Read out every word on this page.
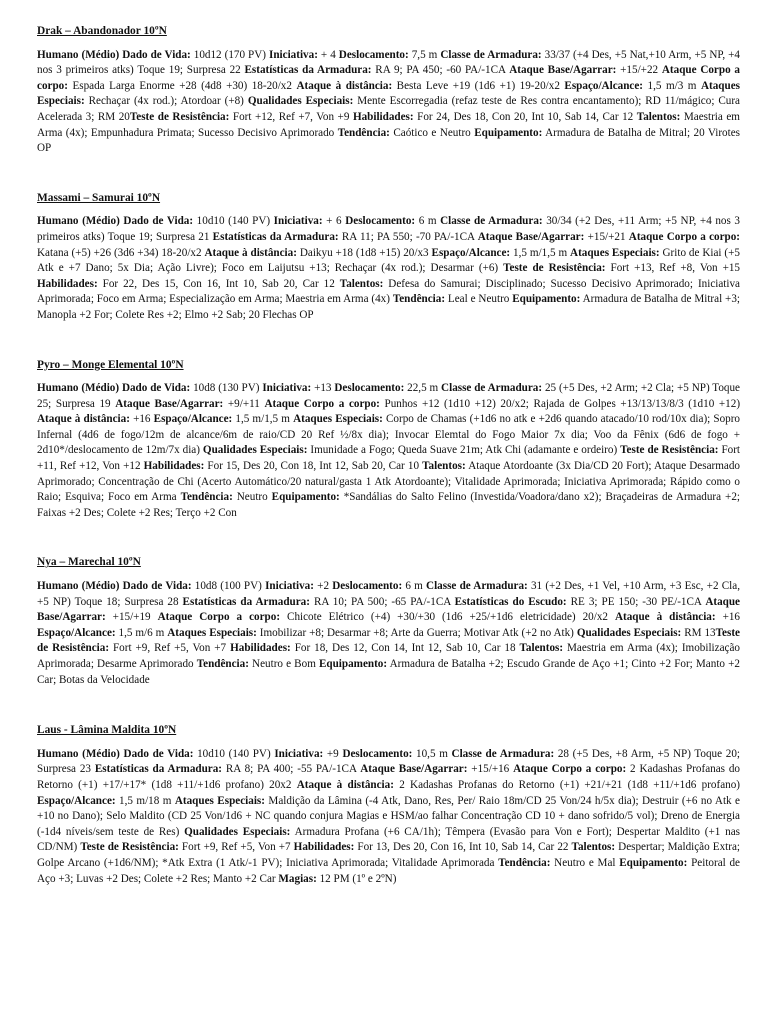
Drak – Abandonador 10ºN

Humano (Médio) Dado de Vida: 10d12 (170 PV) Iniciativa: + 4 Deslocamento: 7,5 m Classe de Armadura: 33/37 (+4 Des, +5 Nat,+10 Arm, +5 NP, +4 nos 3 primeiros atks) Toque 19; Surpresa 22 Estatísticas da Armadura: RA 9; PA 450; -60 PA/-1CA Ataque Base/Agarrar: +15/+22 Ataque Corpo a corpo: Espada Larga Enorme +28 (4d8 +30) 18-20/x2 Ataque à distância: Besta Leve +19 (1d6 +1) 19-20/x2 Espaço/Alcance: 1,5 m/3 m Ataques Especiais: Rechaçar (4x rod.); Atordoar (+8) Qualidades Especiais: Mente Escorregadia (refaz teste de Res contra encantamento); RD 11/mágico; Cura Acelerada 3; RM 20Teste de Resistência: Fort +12, Ref +7, Von +9 Habilidades: For 24, Des 18, Con 20, Int 10, Sab 14, Car 12 Talentos: Maestria em Arma (4x); Empunhadura Primata; Sucesso Decisivo Aprimorado Tendência: Caótico e Neutro Equipamento: Armadura de Batalha de Mitral; 20 Virotes OP

Massami – Samurai 10ºN

Humano (Médio) Dado de Vida: 10d10 (140 PV) Iniciativa: + 6 Deslocamento: 6 m Classe de Armadura: 30/34 (+2 Des, +11 Arm; +5 NP, +4 nos 3 primeiros atks) Toque 19; Surpresa 21 Estatísticas da Armadura: RA 11; PA 550; -70 PA/-1CA Ataque Base/Agarrar: +15/+21 Ataque Corpo a corpo: Katana (+5) +26 (3d6 +34) 18-20/x2 Ataque à distância: Daikyu +18 (1d8 +15) 20/x3 Espaço/Alcance: 1,5 m/1,5 m Ataques Especiais: Grito de Kiai (+5 Atk e +7 Dano; 5x Dia; Ação Livre); Foco em Laijutsu +13; Rechaçar (4x rod.); Desarmar (+6) Teste de Resistência: Fort +13, Ref +8, Von +15 Habilidades: For 22, Des 15, Con 16, Int 10, Sab 20, Car 12 Talentos: Defesa do Samurai; Disciplinado; Sucesso Decisivo Aprimorado; Iniciativa Aprimorada; Foco em Arma; Especialização em Arma; Maestria em Arma (4x) Tendência: Leal e Neutro Equipamento: Armadura de Batalha de Mitral +3; Manopla +2 For; Colete Res +2; Elmo +2 Sab; 20 Flechas OP

Pyro – Monge Elemental 10ºN

Humano (Médio) Dado de Vida: 10d8 (130 PV) Iniciativa: +13 Deslocamento: 22,5 m Classe de Armadura: 25 (+5 Des, +2 Arm; +2 Cla; +5 NP) Toque 25; Surpresa 19 Ataque Base/Agarrar: +9/+11 Ataque Corpo a corpo: Punhos +12 (1d10 +12) 20/x2; Rajada de Golpes +13/13/13/8/3 (1d10 +12) Ataque à distância: +16 Espaço/Alcance: 1,5 m/1,5 m Ataques Especiais: Corpo de Chamas (+1d6 no atk e +2d6 quando atacado/10 rod/10x dia); Sopro Infernal (4d6 de fogo/12m de alcance/6m de raio/CD 20 Ref ½/8x dia); Invocar Elemtal do Fogo Maior 7x dia; Voo da Fênix (6d6 de fogo + 2d10*/deslocamento de 12m/7x dia) Qualidades Especiais: Imunidade a Fogo; Queda Suave 21m; Atk Chi (adamante e ordeiro) Teste de Resistência: Fort +11, Ref +12, Von +12 Habilidades: For 15, Des 20, Con 18, Int 12, Sab 20, Car 10 Talentos: Ataque Atordoante (3x Dia/CD 20 Fort); Ataque Desarmado Aprimorado; Concentração de Chi (Acerto Automático/20 natural/gasta 1 Atk Atordoante); Vitalidade Aprimorada; Iniciativa Aprimorada; Rápido como o Raio; Esquiva; Foco em Arma Tendência: Neutro Equipamento: *Sandálias do Salto Felino (Investida/Voadora/dano x2); Braçadeiras de Armadura +2; Faixas +2 Des; Colete +2 Res; Terço +2 Con

Nya – Marechal 10ºN

Humano (Médio) Dado de Vida: 10d8 (100 PV) Iniciativa: +2 Deslocamento: 6 m Classe de Armadura: 31 (+2 Des, +1 Vel, +10 Arm, +3 Esc, +2 Cla, +5 NP) Toque 18; Surpresa 28 Estatísticas da Armadura: RA 10; PA 500; -65 PA/-1CA Estatísticas do Escudo: RE 3; PE 150; -30 PE/-1CA Ataque Base/Agarrar: +15/+19 Ataque Corpo a corpo: Chicote Elétrico (+4) +30/+30 (1d6 +25/+1d6 eletricidade) 20/x2 Ataque à distância: +16 Espaço/Alcance: 1,5 m/6 m Ataques Especiais: Imobilizar +8; Desarmar +8; Arte da Guerra; Motivar Atk (+2 no Atk) Qualidades Especiais: RM 13Teste de Resistência: Fort +9, Ref +5, Von +7 Habilidades: For 18, Des 12, Con 14, Int 12, Sab 10, Car 18 Talentos: Maestria em Arma (4x); Imobilização Aprimorada; Desarme Aprimorado Tendência: Neutro e Bom Equipamento: Armadura de Batalha +2; Escudo Grande de Aço +1; Cinto +2 For; Manto +2 Car; Botas da Velocidade

Laus - Lâmina Maldita 10ºN

Humano (Médio) Dado de Vida: 10d10 (140 PV) Iniciativa: +9 Deslocamento: 10,5 m Classe de Armadura: 28 (+5 Des, +8 Arm, +5 NP) Toque 20; Surpresa 23 Estatísticas da Armadura: RA 8; PA 400; -55 PA/-1CA Ataque Base/Agarrar: +15/+16 Ataque Corpo a corpo: 2 Kadashas Profanas do Retorno (+1) +17/+17* (1d8 +11/+1d6 profano) 20x2 Ataque à distância: 2 Kadashas Profanas do Retorno (+1) +21/+21 (1d8 +11/+1d6 profano) Espaço/Alcance: 1,5 m/18 m Ataques Especiais: Maldição da Lâmina (-4 Atk, Dano, Res, Per/ Raio 18m/CD 25 Von/24 h/5x dia); Destruir (+6 no Atk e +10 no Dano); Selo Maldito (CD 25 Von/1d6 + NC quando conjura Magias e HSM/ao falhar Concentração CD 10 + dano sofrido/5 vol); Dreno de Energia (-1d4 níveis/sem teste de Res) Qualidades Especiais: Armadura Profana (+6 CA/1h); Têmpera (Evasão para Von e Fort); Despertar Maldito (+1 nas CD/NM) Teste de Resistência: Fort +9, Ref +5, Von +7 Habilidades: For 13, Des 20, Con 16, Int 10, Sab 14, Car 22 Talentos: Despertar; Maldição Extra; Golpe Arcano (+1d6/NM); *Atk Extra (1 Atk/-1 PV); Iniciativa Aprimorada; Vitalidade Aprimorada Tendência: Neutro e Mal Equipamento: Peitoral de Aço +3; Luvas +2 Des; Colete +2 Res; Manto +2 Car Magias: 12 PM (1º e 2ºN)
